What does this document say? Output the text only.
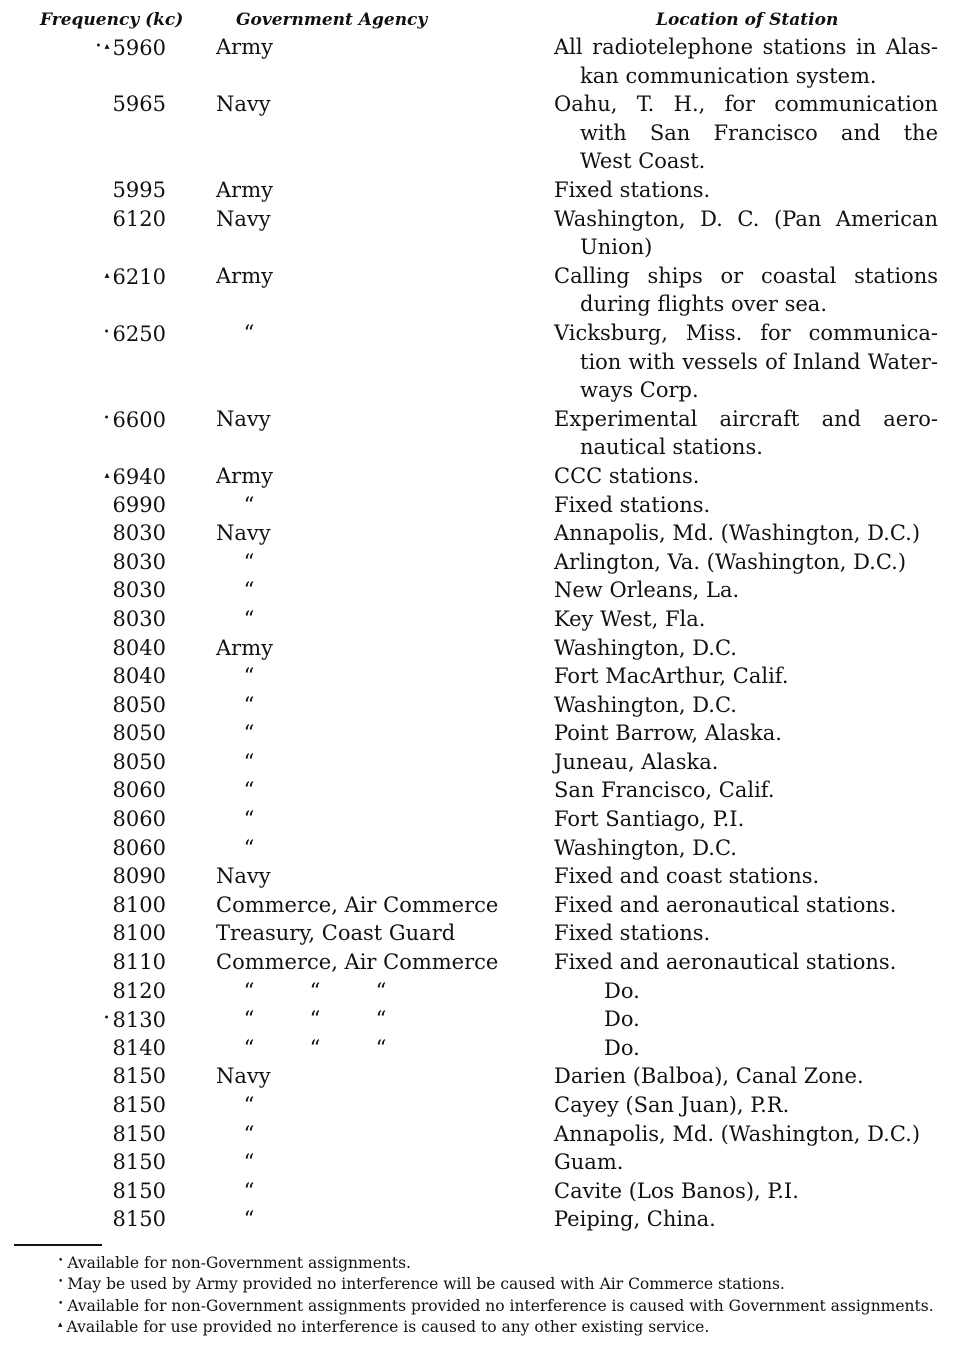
Frequency (kc)	Government Agency	Location of Station
• ▴ 5960 Army	All radiotelephone stations in Alas-
kan communication system.
5965 Navy	Oahu, T. H., for communication
with San Francisco and the
West Coast.
5995 Army	Fixed stations.
6120 Navy	Washington, D. C. (Pan American
Union)
▴ 6210 Army	Calling ships or coastal stations
during flights over sea.
• 6250	“	Vicksburg, Miss. for communica-
tion with vessels of Inland Water-
ways Corp.
• 6600 Navy	Experimental aircraft and aero-
nautical stations.
▴ 6940 Army	CCC stations.
6990	“	Fixed stations.
8030 Navy	Annapolis, Md. (Washington, D.C.)
8030	“	Arlington, Va. (Washington, D.C.)
8030	“	New Orleans, La.
8030	“	Key West, Fla.
8040 Army	Washington, D.C.
8040	“	Fort MacArthur, Calif.
8050	“	Washington, D.C.
8050	“	Point Barrow, Alaska.
8050	“	Juneau, Alaska.
8060	“	San Francisco, Calif.
8060	“	Fort Santiago, P.I.
8060	“	Washington, D.C.
8090 Navy	Fixed and coast stations.
8100 Commerce, Air Commerce	Fixed and aeronautical stations.
8100 Treasury, Coast Guard	Fixed stations.
8110 Commerce, Air Commerce	Fixed and aeronautical stations.
8120	“	“	“	Do.
• 8130	“	“	“	Do.
8140	“	“	“	Do.
8150 Navy	Darien (Balboa), Canal Zone.
8150	“	Cayey (San Juan), P.R.
8150	“	Annapolis, Md. (Washington, D.C.)
8150	“	Guam.
8150	“	Cavite (Los Banos), P.I.
8150	“	Peiping, China.
• Available for non-Government assignments.
• May be used by Army provided no interference will be caused with Air Commerce stations.
• Available for non-Government assignments provided no interference is caused with Government assignments.
▴ Available for use provided no interference is caused to any other existing service.
